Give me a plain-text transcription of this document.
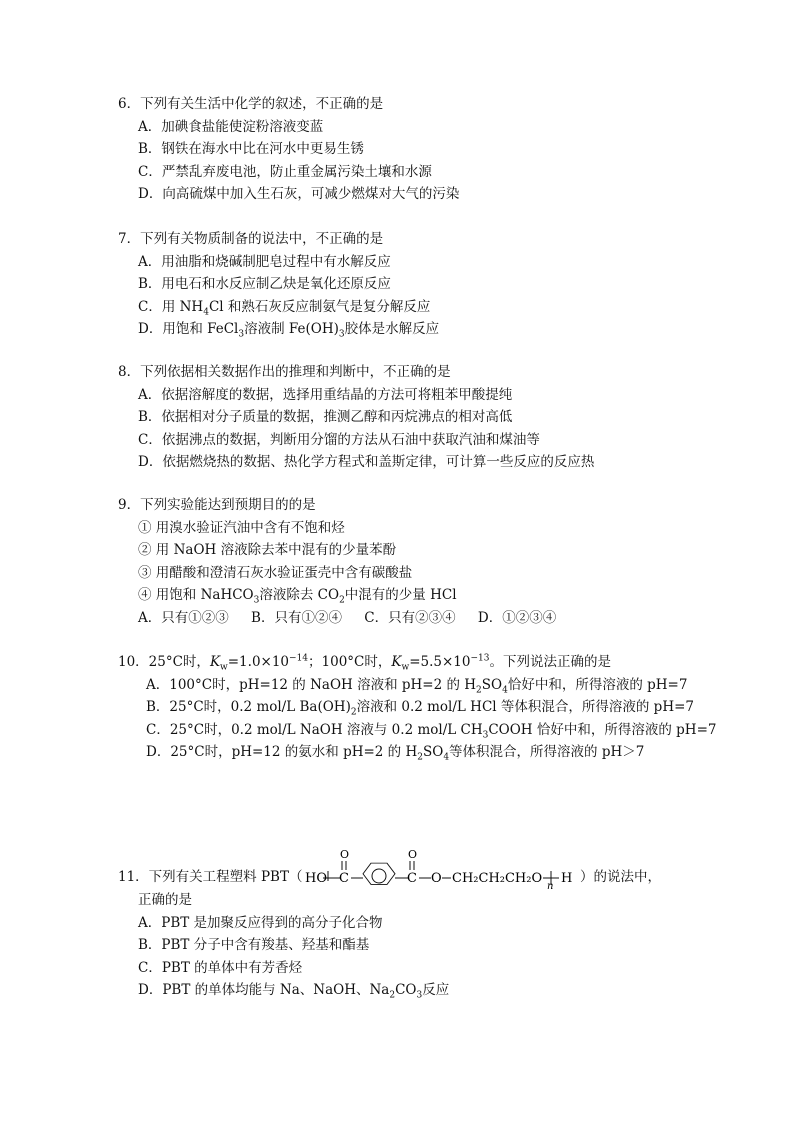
6．下列有关生活中化学的叙述，不正确的是
A．加碘食盐能使淀粉溶液变蓝
B．钢铁在海水中比在河水中更易生锈
C．严禁乱弃废电池，防止重金属污染土壤和水源
D．向高硫煤中加入生石灰，可减少燃煤对大气的污染
7．下列有关物质制备的说法中，不正确的是
A．用油脂和烧碱制肥皂过程中有水解反应
B．用电石和水反应制乙炔是氧化还原反应
C．用 $NH_4Cl$ 和熟石灰反应制氨气是复分解反应
D．用饱和 FeCl$_3$溶液制 $Fe(OH)_3$胶体是水解反应
8．下列依据相关数据作出的推理和判断中，不正确的是
A．依据溶解度的数据，选择用重结晶的方法可将粗苯甲酸提纯
B．依据相对分子质量的数据，推测乙醇和丙烷沸点的相对高低
C．依据沸点的数据，判断用分馏的方法从石油中获取汽油和煤油等
D．依据燃烧热的数据、热化学方程式和盖斯定律，可计算一些反应的反应热
9．下列实验能达到预期目的的是
① 用溴水验证汽油中含有不饱和烃
② 用 NaOH 溶液除去苯中混有的少量苯酚
③ 用醋酸和澄清石灰水验证蛋壳中含有碳酸盐
④ 用饱和 NaHCO$_3$溶液除去 $CO_2$中混有的少量 HCl
A．只有①②③ B．只有①②④ C．只有②③④ D．①②③④
10．25°C时，$K_w=1.0\times 10^{-14}$；100°C时，$K_w=5.5\times 10^{-13}$。下列说法正确的是
A．100°C时，pH=12 的 NaOH 溶液和 pH=2 的 $H_2SO_4$恰好中和，所得溶液的 pH=7
B．25°C时，0.2 mol/L $Ba(OH)_2$溶液和 0.2 mol/L HCl 等体积混合，所得溶液的 pH=7
C．25°C时，0.2 mol/L NaOH 溶液与 0.2 mol/L $CH_3COOH$ 恰好中和，所得溶液的 pH=7
D．25°C时，pH=12 的氨水和 pH=2 的 $H_2SO_4$等体积混合，所得溶液的 pH＞7
11．下列有关工程塑料 PBT（ HO
O
C
O
C O CH₂CH₂CH₂O
n
H ）的说法中，
正确的是
A．PBT 是加聚反应得到的高分子化合物
B．PBT 分子中含有羧基、羟基和酯基
C．PBT 的单体中有芳香烃
D．PBT 的单体均能与 Na、NaOH、$Na_2CO_3$反应
